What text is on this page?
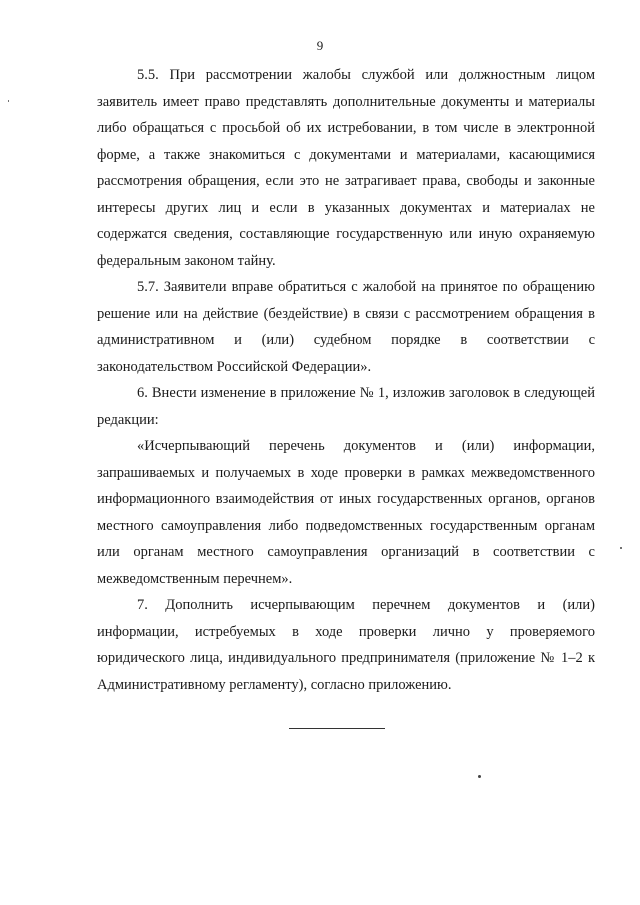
9

5.5. При рассмотрении жалобы службой или должностным лицом заявитель имеет право представлять дополнительные документы и материалы либо обращаться с просьбой об их истребовании, в том числе в электронной форме, а также знакомиться с документами и материалами, касающимися рассмотрения обращения, если это не затрагивает права, свободы и законные интересы других лиц и если в указанных документах и материалах не содержатся сведения, составляющие государственную или иную охраняемую федеральным законом тайну.

5.7. Заявители вправе обратиться с жалобой на принятое по обращению решение или на действие (бездействие) в связи с рассмотрением обращения в административном и (или) судебном порядке в соответствии с законодательством Российской Федерации».

6. Внести изменение в приложение № 1, изложив заголовок в следующей редакции:

«Исчерпывающий перечень документов и (или) информации, запрашиваемых и получаемых в ходе проверки в рамках межведомственного информационного взаимодействия от иных государственных органов, органов местного самоуправления либо подведомственных государственным органам или органам местного самоуправления организаций в соответствии с межведомственным перечнем».

7. Дополнить исчерпывающим перечнем документов и (или) информации, истребуемых в ходе проверки лично у проверяемого юридического лица, индивидуального предпринимателя (приложение № 1–2 к Административному регламенту), согласно приложению.
